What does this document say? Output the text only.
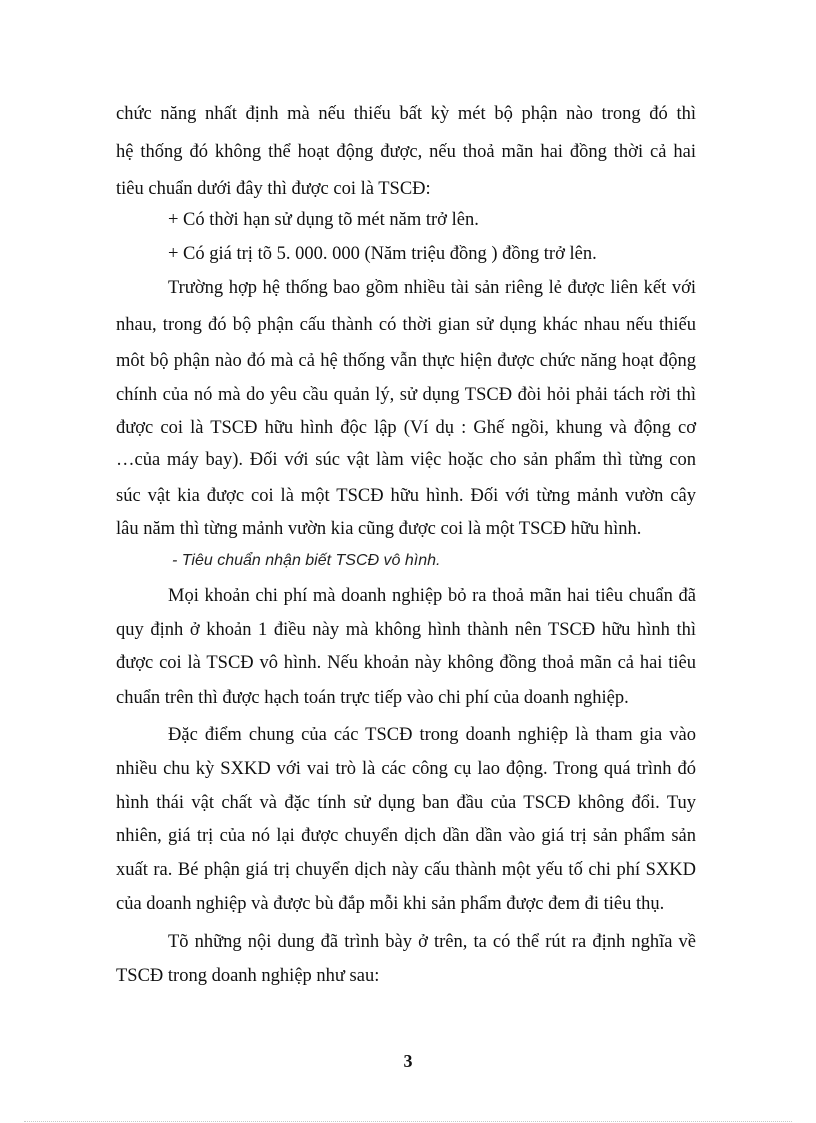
chức năng nhất định mà nếu thiếu bất kỳ mét bộ phận nào trong đó thì
hệ thống đó không thể hoạt động được, nếu thoả mãn hai đồng thời cả hai
tiêu chuẩn dưới đây thì được coi là TSCĐ:
+ Có thời hạn sử dụng tõ mét năm trở lên.
+ Có giá trị tõ 5. 000. 000 (Năm triệu đồng ) đồng trở lên.
Trường hợp hệ thống bao gồm nhiều tài sản riêng lẻ được liên kết với
nhau, trong đó bộ phận cấu thành có thời gian sử dụng khác nhau nếu thiếu
môt bộ phận nào đó mà cả hệ thống vẫn thực hiện được chức năng hoạt động
chính của nó mà do yêu cầu quản lý, sử dụng TSCĐ đòi hỏi phải tách rời thì
được coi là TSCĐ hữu hình độc lập (Ví dụ : Ghế ngồi, khung và động cơ
…của máy bay). Đối với súc vật làm việc hoặc cho sản phẩm thì từng con
súc vật kia được coi là một TSCĐ hữu hình. Đối với từng mảnh vườn cây
lâu năm thì từng mảnh vườn kia cũng được coi là một TSCĐ hữu hình.
- Tiêu chuẩn nhận biết TSCĐ vô hình.
Mọi khoản chi phí mà doanh nghiệp bỏ ra thoả mãn hai tiêu chuẩn đã
quy định ở khoản 1 điều này mà không hình thành nên TSCĐ hữu hình thì
được coi là TSCĐ vô hình. Nếu khoản này không đồng thoả mãn cả hai tiêu
chuẩn trên thì được hạch toán trực tiếp vào chi phí của doanh nghiệp.
Đặc điểm chung của các TSCĐ trong doanh nghiệp là tham gia vào
nhiều chu kỳ SXKD với vai trò là các công cụ lao động. Trong quá trình đó
hình thái vật chất và đặc tính sử dụng ban đầu của TSCĐ không đổi. Tuy
nhiên, giá trị của nó lại được chuyển dịch dần dần vào giá trị sản phẩm sản
xuất ra. Bé phận giá trị chuyển dịch này cấu thành một yếu tố chi phí SXKD
của doanh nghiệp và được bù đắp mỗi khi sản phẩm được đem đi tiêu thụ.
Tõ những nội dung đã trình bày ở trên, ta có thể rút ra định nghĩa về
TSCĐ trong doanh nghiệp như sau:
3
